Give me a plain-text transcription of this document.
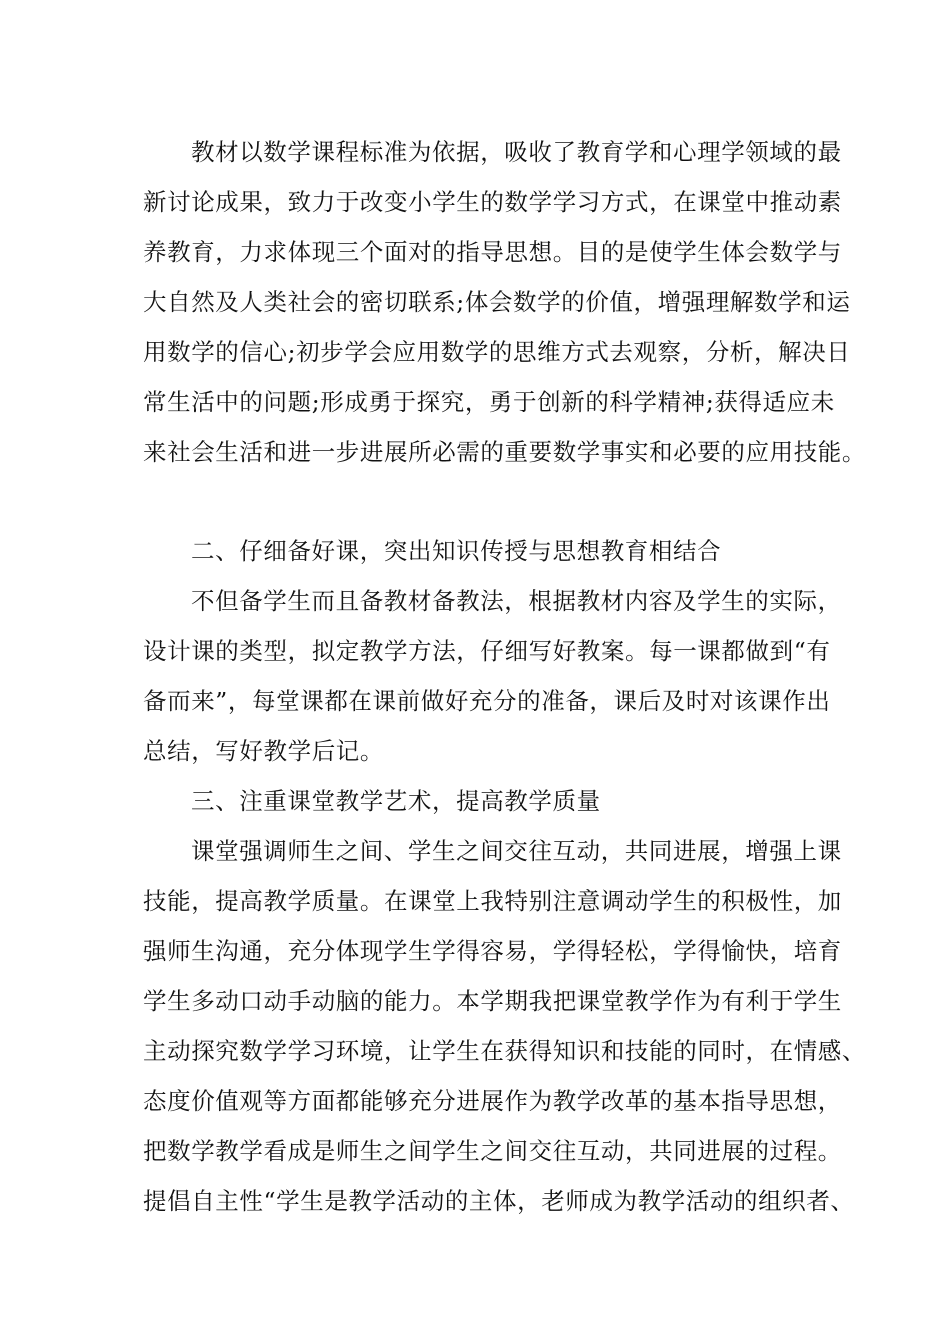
教材以数学课程标准为依据，吸收了教育学和心理学领域的最
新讨论成果，致力于改变小学生的数学学习方式，在课堂中推动素
养教育，力求体现三个面对的指导思想。目的是使学生体会数学与
大自然及人类社会的密切联系;体会数学的价值，增强理解数学和运
用数学的信心;初步学会应用数学的思维方式去观察，分析，解决日
常生活中的问题;形成勇于探究，勇于创新的科学精神;获得适应未
来社会生活和进一步进展所必需的重要数学事实和必要的应用技能。
二、仔细备好课，突出知识传授与思想教育相结合
不但备学生而且备教材备教法，根据教材内容及学生的实际，
设计课的类型，拟定教学方法，仔细写好教案。每一课都做到“有
备而来”，每堂课都在课前做好充分的准备，课后及时对该课作出
总结，写好教学后记。
三、注重课堂教学艺术，提高教学质量
课堂强调师生之间、学生之间交往互动，共同进展，增强上课
技能，提高教学质量。在课堂上我特别注意调动学生的积极性，加
强师生沟通，充分体现学生学得容易，学得轻松，学得愉快，培育
学生多动口动手动脑的能力。本学期我把课堂教学作为有利于学生
主动探究数学学习环境，让学生在获得知识和技能的同时，在情感、
态度价值观等方面都能够充分进展作为教学改革的基本指导思想，
把数学教学看成是师生之间学生之间交往互动，共同进展的过程。
提倡自主性“学生是教学活动的主体，老师成为教学活动的组织者、
